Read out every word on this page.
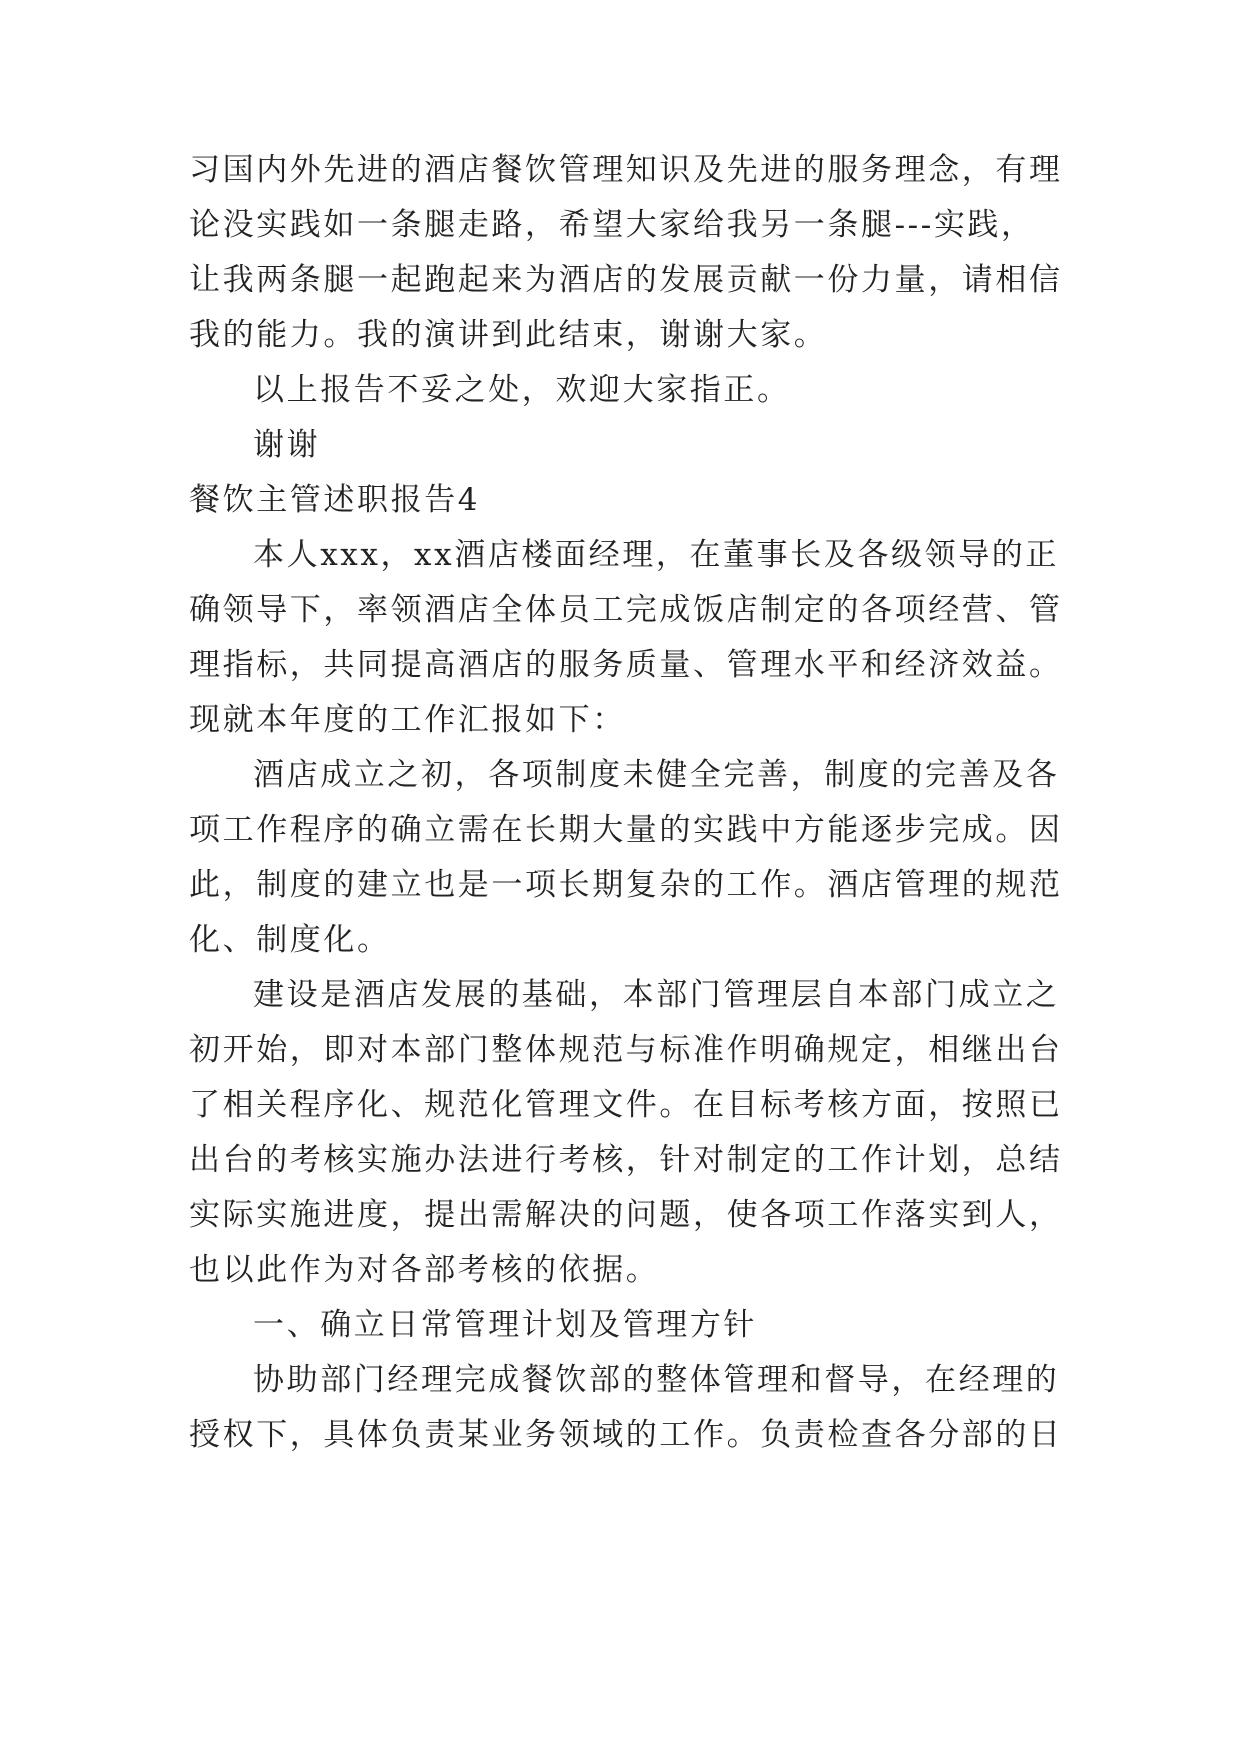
习国内外先进的酒店餐饮管理知识及先进的服务理念，有理
论没实践如一条腿走路，希望大家给我另一条腿---实践，
让我两条腿一起跑起来为酒店的发展贡献一份力量，请相信
我的能力。我的演讲到此结束，谢谢大家。
以上报告不妥之处，欢迎大家指正。
谢谢
餐饮主管述职报告4
本人xxx，xx酒店楼面经理，在董事长及各级领导的正
确领导下，率领酒店全体员工完成饭店制定的各项经营、管
理指标，共同提高酒店的服务质量、管理水平和经济效益。
现就本年度的工作汇报如下：
酒店成立之初，各项制度未健全完善，制度的完善及各
项工作程序的确立需在长期大量的实践中方能逐步完成。因
此，制度的建立也是一项长期复杂的工作。酒店管理的规范
化、制度化。
建设是酒店发展的基础，本部门管理层自本部门成立之
初开始，即对本部门整体规范与标准作明确规定，相继出台
了相关程序化、规范化管理文件。在目标考核方面，按照已
出台的考核实施办法进行考核，针对制定的工作计划，总结
实际实施进度，提出需解决的问题，使各项工作落实到人，
也以此作为对各部考核的依据。
一、确立日常管理计划及管理方针
协助部门经理完成餐饮部的整体管理和督导，在经理的
授权下，具体负责某业务领域的工作。负责检查各分部的日
